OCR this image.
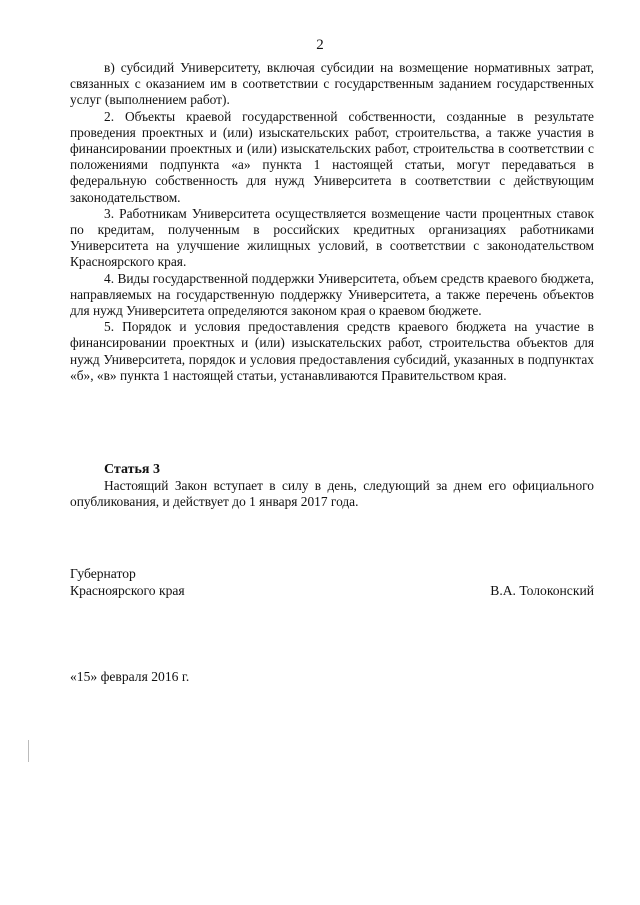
2

в) субсидий Университету, включая субсидии на возмещение нормативных затрат, связанных с оказанием им в соответствии с государственным заданием государственных услуг (выполнением работ).

2. Объекты краевой государственной собственности, созданные в результате проведения проектных и (или) изыскательских работ, строительства, а также участия в финансировании проектных и (или) изыскательских работ, строительства в соответствии с положениями подпункта «а» пункта 1 настоящей статьи, могут передаваться в федеральную собственность для нужд Университета в соответствии с действующим законодательством.

3. Работникам Университета осуществляется возмещение части процентных ставок по кредитам, полученным в российских кредитных организациях работниками Университета на улучшение жилищных условий, в соответствии с законодательством Красноярского края.

4. Виды государственной поддержки Университета, объем средств краевого бюджета, направляемых на государственную поддержку Университета, а также перечень объектов для нужд Университета определяются законом края о краевом бюджете.

5. Порядок и условия предоставления средств краевого бюджета на участие в финансировании проектных и (или) изыскательских работ, строительства объектов для нужд Университета, порядок и условия предоставления субсидий, указанных в подпунктах «б», «в» пункта 1 настоящей статьи, устанавливаются Правительством края.

Статья 3

Настоящий Закон вступает в силу в день, следующий за днем его официального опубликования, и действует до 1 января 2017 года.

Губернатор
Красноярского края	В.А. Толоконский
«15» февраля 2016 г.
